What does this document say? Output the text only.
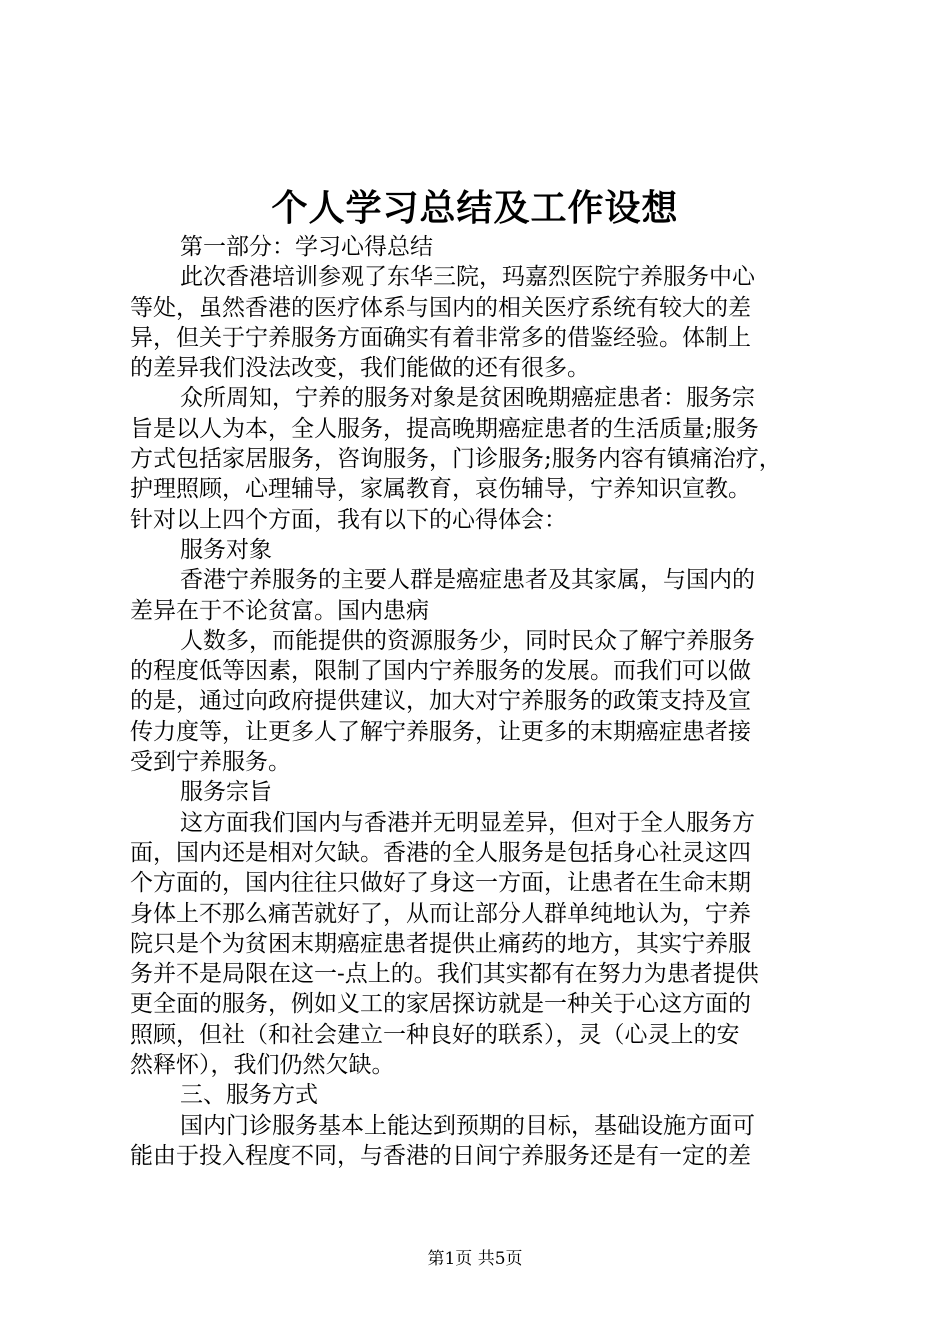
个人学习总结及工作设想
第一部分：学习心得总结
此次香港培训参观了东华三院，玛嘉烈医院宁养服务中心
等处，虽然香港的医疗体系与国内的相关医疗系统有较大的差
异，但关于宁养服务方面确实有着非常多的借鉴经验。体制上
的差异我们没法改变，我们能做的还有很多。
众所周知，宁养的服务对象是贫困晚期癌症患者：服务宗
旨是以人为本，全人服务，提高晚期癌症患者的生活质量;服务
方式包括家居服务，咨询服务，门诊服务;服务内容有镇痛治疗，
护理照顾，心理辅导，家属教育，哀伤辅导，宁养知识宣教。
针对以上四个方面，我有以下的心得体会：
服务对象
香港宁养服务的主要人群是癌症患者及其家属，与国内的
差异在于不论贫富。国内患病
人数多，而能提供的资源服务少，同时民众了解宁养服务
的程度低等因素，限制了国内宁养服务的发展。而我们可以做
的是，通过向政府提供建议，加大对宁养服务的政策支持及宣
传力度等，让更多人了解宁养服务，让更多的末期癌症患者接
受到宁养服务。
服务宗旨
这方面我们国内与香港并无明显差异，但对于全人服务方
面，国内还是相对欠缺。香港的全人服务是包括身心社灵这四
个方面的，国内往往只做好了身这一方面，让患者在生命末期
身体上不那么痛苦就好了，从而让部分人群单纯地认为，宁养
院只是个为贫困末期癌症患者提供止痛药的地方，其实宁养服
务并不是局限在这一-点上的。我们其实都有在努力为患者提供
更全面的服务，例如义工的家居探访就是一种关于心这方面的
照顾，但社（和社会建立一种良好的联系），灵（心灵上的安
然释怀），我们仍然欠缺。
三、服务方式
国内门诊服务基本上能达到预期的目标，基础设施方面可
能由于投入程度不同，与香港的日间宁养服务还是有一定的差
第1页 共5页
